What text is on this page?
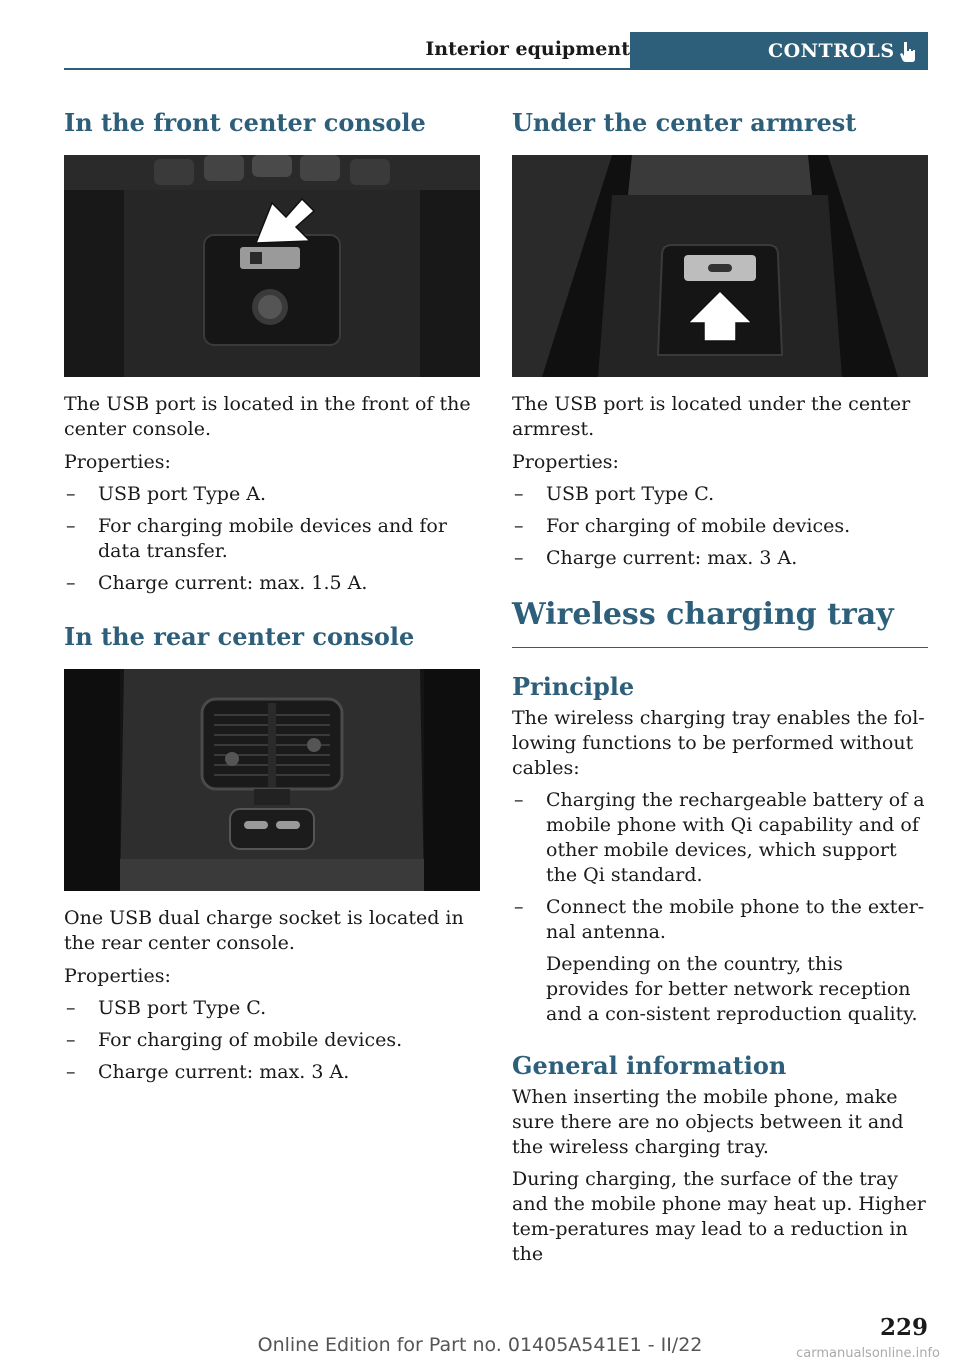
Interior equipment	CONTROLS
In the front center console

The USB port is located in the front of the center console.

Properties:

– USB port Type A.
– For charging mobile devices and for data transfer.
– Charge current: max. 1.5 A.
In the rear center console

One USB dual charge socket is located in the rear center console.

Properties:

– USB port Type C.
– For charging of mobile devices.
– Charge current: max. 3 A.
Under the center armrest

The USB port is located under the center armrest.

Properties:

– USB port Type C.
– For charging of mobile devices.
– Charge current: max. 3 A.
Wireless charging tray
Principle

The wireless charging tray enables the fol-lowing functions to be performed without cables:

– Charging the rechargeable battery of a mobile phone with Qi capability and of other mobile devices, which support the Qi standard.
– Connect the mobile phone to the exter-nal antenna.

Depending on the country, this provides for better network reception and a con-sistent reproduction quality.

General information

When inserting the mobile phone, make sure there are no objects between it and the wireless charging tray.

During charging, the surface of the tray and the mobile phone may heat up. Higher tem-peratures may lead to a reduction in the

229
Online Edition for Part no. 01405A541E1 - II/22	carmanualsonline.info
